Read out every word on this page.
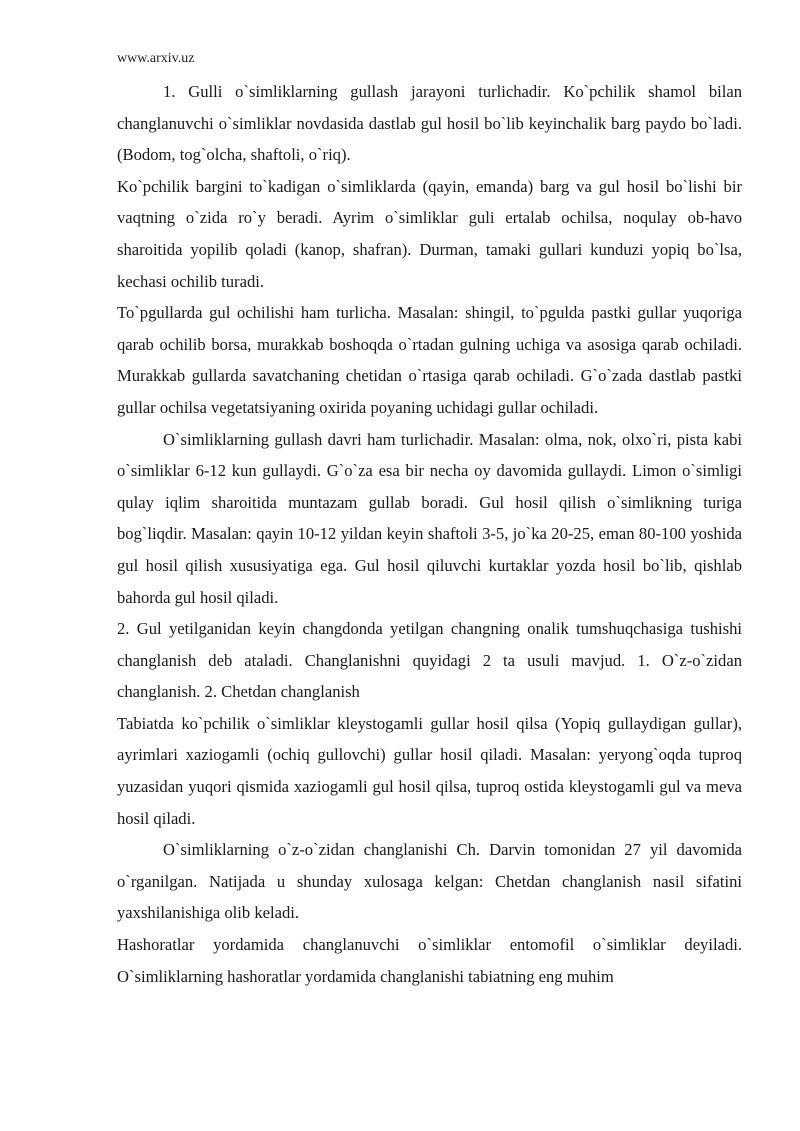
www.arxiv.uz

1. Gulli o`simliklarning gullash jarayoni turlichadir. Ko`pchilik shamol bilan changlanuvchi o`simliklar novdasida dastlab gul hosil bo`lib keyinchalik barg paydo bo`ladi. (Bodom, tog`olcha, shaftoli, o`riq).

Ko`pchilik bargini to`kadigan o`simliklarda (qayin, emanda) barg va gul hosil bo`lishi bir vaqtning o`zida ro`y beradi. Ayrim o`simliklar guli ertalab ochilsa, noqulay ob-havo sharoitida yopilib qoladi (kanop, shafran). Durman, tamaki gullari kunduzi yopiq bo`lsa, kechasi ochilib turadi.

To`pgullarda gul ochilishi ham turlicha. Masalan: shingil, to`pgulda pastki gullar yuqoriga qarab ochilib borsa, murakkab boshoqda o`rtadan gulning uchiga va asosiga qarab ochiladi. Murakkab gullarda savatchaning chetidan o`rtasiga qarab ochiladi. G`o`zada dastlab pastki gullar ochilsa vegetatsiyaning oxirida poyaning uchidagi gullar ochiladi.

O`simliklarning gullash davri ham turlichadir. Masalan: olma, nok, olxo`ri, pista kabi o`simliklar 6-12 kun gullaydi. G`o`za esa bir necha oy davomida gullaydi. Limon o`simligi qulay iqlim sharoitida muntazam gullab boradi. Gul hosil qilish o`simlikning turiga bog`liqdir. Masalan: qayin 10-12 yildan keyin shaftoli 3-5, jo`ka 20-25, eman 80-100 yoshida gul hosil qilish xususiyatiga ega. Gul hosil qiluvchi kurtaklar yozda hosil bo`lib, qishlab bahorda gul hosil qiladi.

2. Gul yetilganidan keyin changdonda yetilgan changning onalik tumshuqchasiga tushishi changlanish deb ataladi. Changlanishni quyidagi 2 ta usuli mavjud. 1. O`z-o`zidan changlanish. 2. Chetdan changlanish

Tabiatda ko`pchilik o`simliklar kleystogamli gullar hosil qilsa (Yopiq gullaydigan gullar), ayrimlari xaziogamli (ochiq gullovchi) gullar hosil qiladi. Masalan: yeryong`oqda tuproq yuzasidan yuqori qismida xaziogamli gul hosil qilsa, tuproq ostida kleystogamli gul va meva hosil qiladi.

O`simliklarning o`z-o`zidan changlanishi Ch. Darvin tomonidan 27 yil davomida o`rganilgan. Natijada u shunday xulosaga kelgan: Chetdan changlanish nasil sifatini yaxshilanishiga olib keladi.

Hashoratlar yordamida changlanuvchi o`simliklar entomofil o`simliklar deyiladi. O`simliklarning hashoratlar yordamida changlanishi tabiatning eng muhim
